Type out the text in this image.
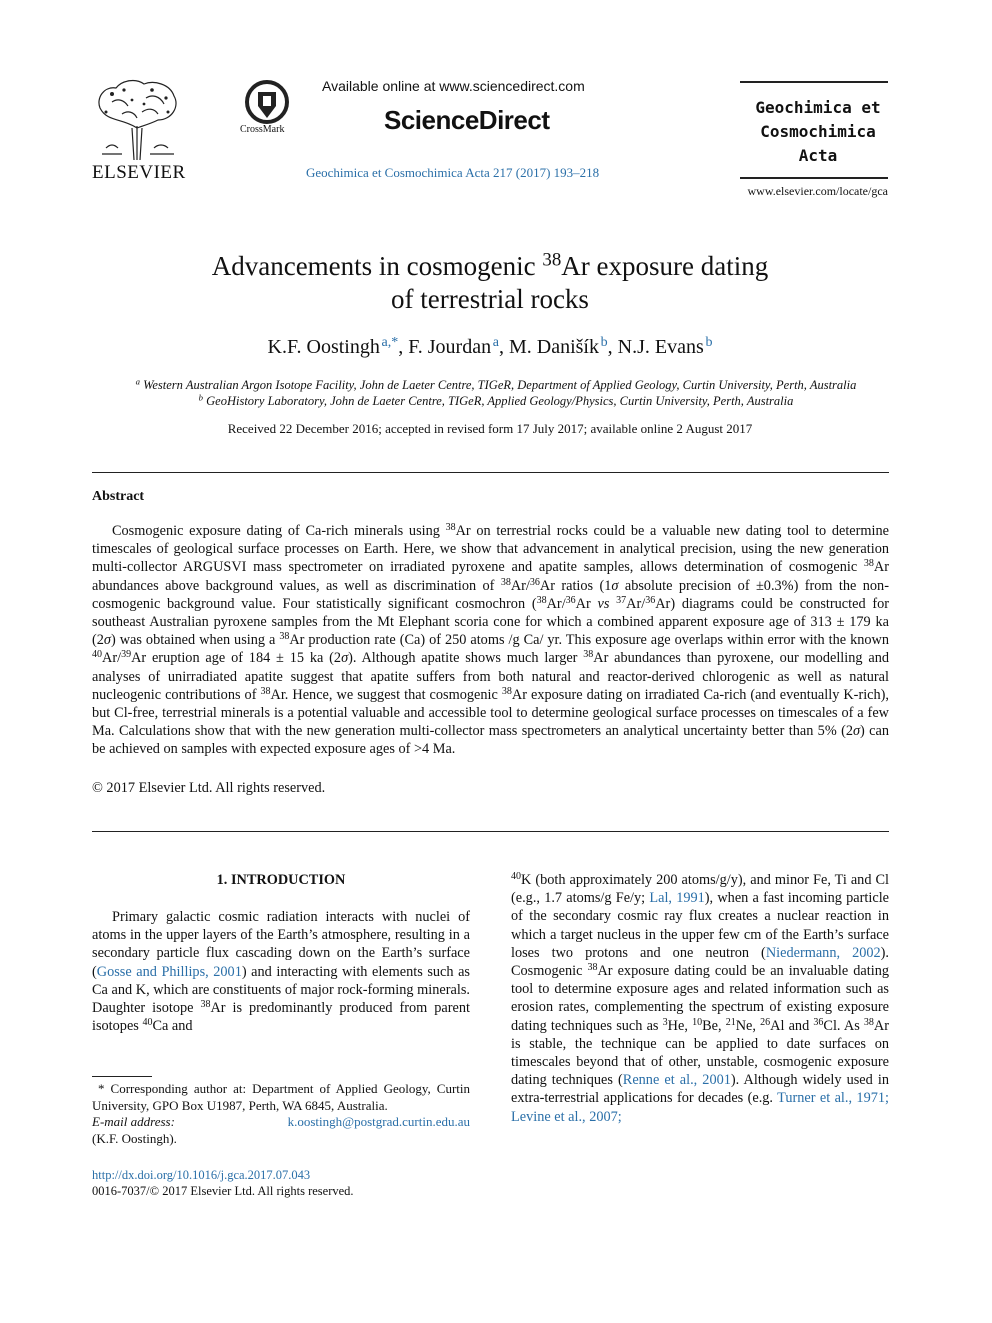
ELSEVIER
CrossMark
Available online at www.sciencedirect.com
ScienceDirect
Geochimica et Cosmochimica Acta 217 (2017) 193–218
Geochimica et
Cosmochimica
Acta
www.elsevier.com/locate/gca
Advancements in cosmogenic $^{38}$Ar exposure dating
of terrestrial rocks
K.F. Oostingh  $^{a,*}$, F. Jourdan  $^a$, M. Danišík  $^b$, N.J. Evans  $^b$
$^a$ Western Australian Argon Isotope Facility, John de Laeter Centre, TIGeR, Department of Applied Geology, Curtin University, Perth, Australia
$^b$ GeoHistory Laboratory, John de Laeter Centre, TIGeR, Applied Geology/Physics, Curtin University, Perth, Australia
Received 22 December 2016; accepted in revised form 17 July 2017; available online 2 August 2017
Abstract

Cosmogenic exposure dating of Ca-rich minerals using $^{38}$Ar on terrestrial rocks could be a valuable new dating tool to determine timescales of geological surface processes on Earth. Here, we show that advancement in analytical precision, using the new generation multi-collector ARGUSVI mass spectrometer on irradiated pyroxene and apatite samples, allows determination of cosmogenic $^{38}$Ar abundances above background values, as well as discrimination of $^{38}$Ar/$^{36}$Ar ratios (1σ absolute precision of ±0.3%) from the non-cosmogenic background value. Four statistically significant cosmochron ($^{38}$Ar/$^{36}$Ar vs $^{37}$Ar/$^{36}$Ar) diagrams could be constructed for southeast Australian pyroxene samples from the Mt Elephant scoria cone for which a combined apparent exposure age of 313 ± 179 ka (2σ) was obtained when using a $^{38}$Ar production rate (Ca) of 250 atoms /g Ca/ yr. This exposure age overlaps within error with the known $^{40}$Ar/$^{39}$Ar eruption age of 184 ± 15 ka (2σ). Although apatite shows much larger $^{38}$Ar abundances than pyroxene, our modelling and analyses of unirradiated apatite suggest that apatite suffers from both natural and reactor-derived chlorogenic as well as natural nucleogenic contributions of $^{38}$Ar. Hence, we suggest that cosmogenic $^{38}$Ar exposure dating on irradiated Ca-rich (and eventually K-rich), but Cl-free, terrestrial minerals is a potential valuable and accessible tool to determine geological surface processes on timescales of a few Ma. Calculations show that with the new generation multi-collector mass spectrometers an analytical uncertainty better than 5% (2σ) can be achieved on samples with expected exposure ages of >4 Ma.

© 2017 Elsevier Ltd. All rights reserved.
1. INTRODUCTION
Primary galactic cosmic radiation interacts with nuclei of atoms in the upper layers of the Earth’s atmosphere, resulting in a secondary particle flux cascading down on the Earth’s surface (Gosse and Phillips, 2001) and interacting with elements such as Ca and K, which are constituents of major rock-forming minerals. Daughter isotope $^{38}$Ar is predominantly produced from parent isotopes $^{40}$Ca and
$^{40}$K (both approximately 200 atoms/g/y), and minor Fe, Ti and Cl (e.g., 1.7 atoms/g Fe/y; Lal, 1991), when a fast incoming particle of the secondary cosmic ray flux creates a nuclear reaction in which a target nucleus in the upper few cm of the Earth’s surface loses two protons and one neutron (Niedermann, 2002). Cosmogenic $^{38}$Ar exposure dating could be an invaluable dating tool to determine exposure ages and related information such as erosion rates, complementing the spectrum of existing exposure dating techniques such as $^3$He, $^{10}$Be, $^{21}$Ne, $^{26}$Al and $^{36}$Cl. As $^{38}$Ar is stable, the technique can be applied to date surfaces on timescales beyond that of other, unstable, cosmogenic exposure dating techniques (Renne et al., 2001). Although widely used in extra-terrestrial applications for decades (e.g. Turner et al., 1971; Levine et al., 2007;
* Corresponding author at: Department of Applied Geology, Curtin University, GPO Box U1987, Perth, WA 6845, Australia.
E-mail address:	k.oostingh@postgrad.curtin.edu.au
(K.F. Oostingh).
http://dx.doi.org/10.1016/j.gca.2017.07.043
0016-7037/© 2017 Elsevier Ltd. All rights reserved.
